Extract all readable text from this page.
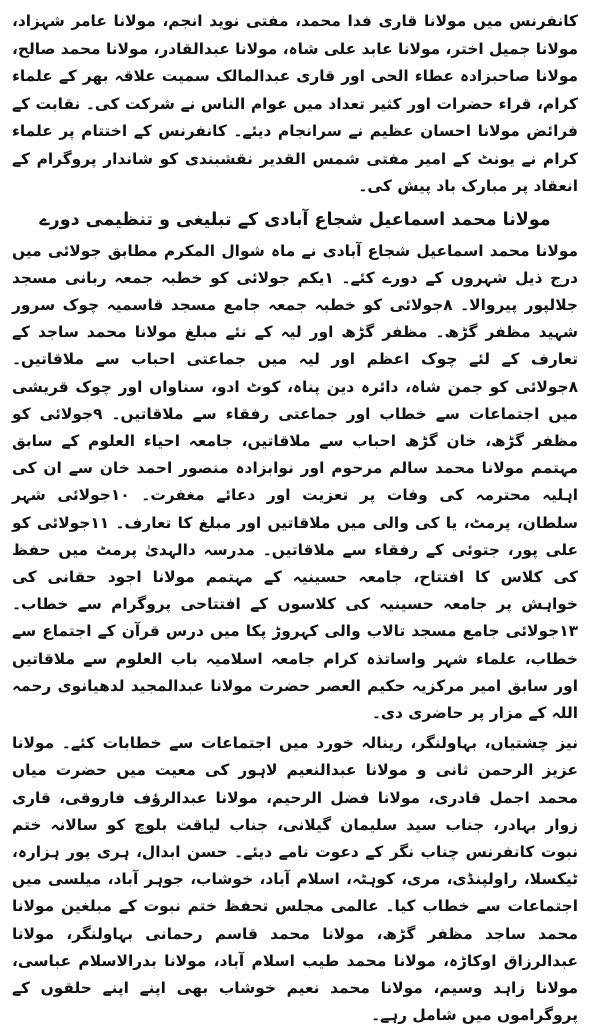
کانفرنس میں مولانا قاری فدا محمد، مفتی نوید انجم، مولانا عامر شہزاد، مولانا جمیل اختر، مولانا عابد علی شاہ، مولانا عبدالقادر، مولانا محمد صالح، مولانا صاحبزادہ عطاء الحی اور قاری عبدالمالک سمیت علاقہ بھر کے علماء کرام، قراء حضرات اور کثیر تعداد میں عوام الناس نے شرکت کی۔ نقابت کے فرائض مولانا احسان عظیم نے سرانجام دیئے۔ کانفرنس کے اختتام پر علماء کرام نے یونٹ کے امیر مفتی شمس القدیر نقشبندی کو شاندار پروگرام کے انعقاد پر مبارک باد پیش کی۔

مولانا محمد اسماعیل شجاع آبادی کے تبلیغی و تنظیمی دورے

مولانا محمد اسماعیل شجاع آبادی نے ماہ شوال المکرم مطابق جولائی میں درج ذیل شہروں کے دورے کئے۔ ۱یکم جولائی کو خطبہ جمعہ ربانی مسجد جلالپور پیروالا۔ ۸جولائی کو خطبہ جمعہ جامع مسجد قاسمیہ چوک سرور شہید مظفر گڑھ۔ مظفر گڑھ اور لیہ کے نئے مبلغ مولانا محمد ساجد کے تعارف کے لئے چوک اعظم اور لیہ میں جماعتی احباب سے ملاقاتیں۔ ۸جولائی کو جمن شاہ، دائرہ دین پناہ، کوٹ ادو، سناواں اور چوک قریشی میں اجتماعات سے خطاب اور جماعتی رفقاء سے ملاقاتیں۔ ۹جولائی کو مظفر گڑھ، خان گڑھ احباب سے ملاقاتیں، جامعہ احیاء العلوم کے سابق مہتمم مولانا محمد سالم مرحوم اور نوابزادہ منصور احمد خان سے ان کی اہلیہ محترمہ کی وفات پر تعزیت اور دعائے مغفرت۔ ۱۰جولائی شہر سلطان، پرمٹ، یا کی والی میں ملاقاتیں اور مبلغ کا تعارف۔ ۱۱جولائی کو علی پور، جتوئی کے رفقاء سے ملاقاتیں۔ مدرسہ دالہدیٰ پرمٹ میں حفظ کی کلاس کا افتتاح، جامعہ حسینیہ کے مہتمم مولانا اجود حقانی کی خواہش پر جامعہ حسینیہ کی کلاسوں کے افتتاحی پروگرام سے خطاب۔ ۱۳جولائی جامع مسجد تالاب والی کہروڑ پکا میں درس قرآن کے اجتماع سے خطاب، علماء شہر واساتذہ کرام جامعہ اسلامیہ باب العلوم سے ملاقاتیں اور سابق امیر مرکزیہ حکیم العصر حضرت مولانا عبدالمجید لدھیانوی رحمہ اللہ کے مزار پر حاضری دی۔

نیز چشتیاں، بہاولنگر، رینالہ خورد میں اجتماعات سے خطابات کئے۔ مولانا عزیز الرحمن ثانی و مولانا عبدالنعیم لاہور کی معیت میں حضرت میاں محمد اجمل قادری، مولانا فضل الرحیم، مولانا عبدالرؤف فاروقی، قاری زوار بہادر، جناب سید سلیمان گیلانی، جناب لیاقت بلوچ کو سالانہ ختم نبوت کانفرنس چناب نگر کے دعوت نامے دیئے۔ حسن ابدال، ہری پور ہزارہ، ٹیکسلا، راولپنڈی، مری، کوہٹہ، اسلام آباد، خوشاب، جوہر آباد، میلسی میں اجتماعات سے خطاب کیا۔ عالمی مجلس تحفظ ختم نبوت کے مبلغین مولانا محمد ساجد مظفر گڑھ، مولانا محمد قاسم رحمانی بہاولنگر، مولانا عبدالرزاق اوکاڑہ، مولانا محمد طیب اسلام آباد، مولانا بدرالاسلام عباسی، مولانا زاہد وسیم، مولانا محمد نعیم خوشاب بھی اپنے اپنے حلقوں کے پروگراموں میں شامل رہے۔
